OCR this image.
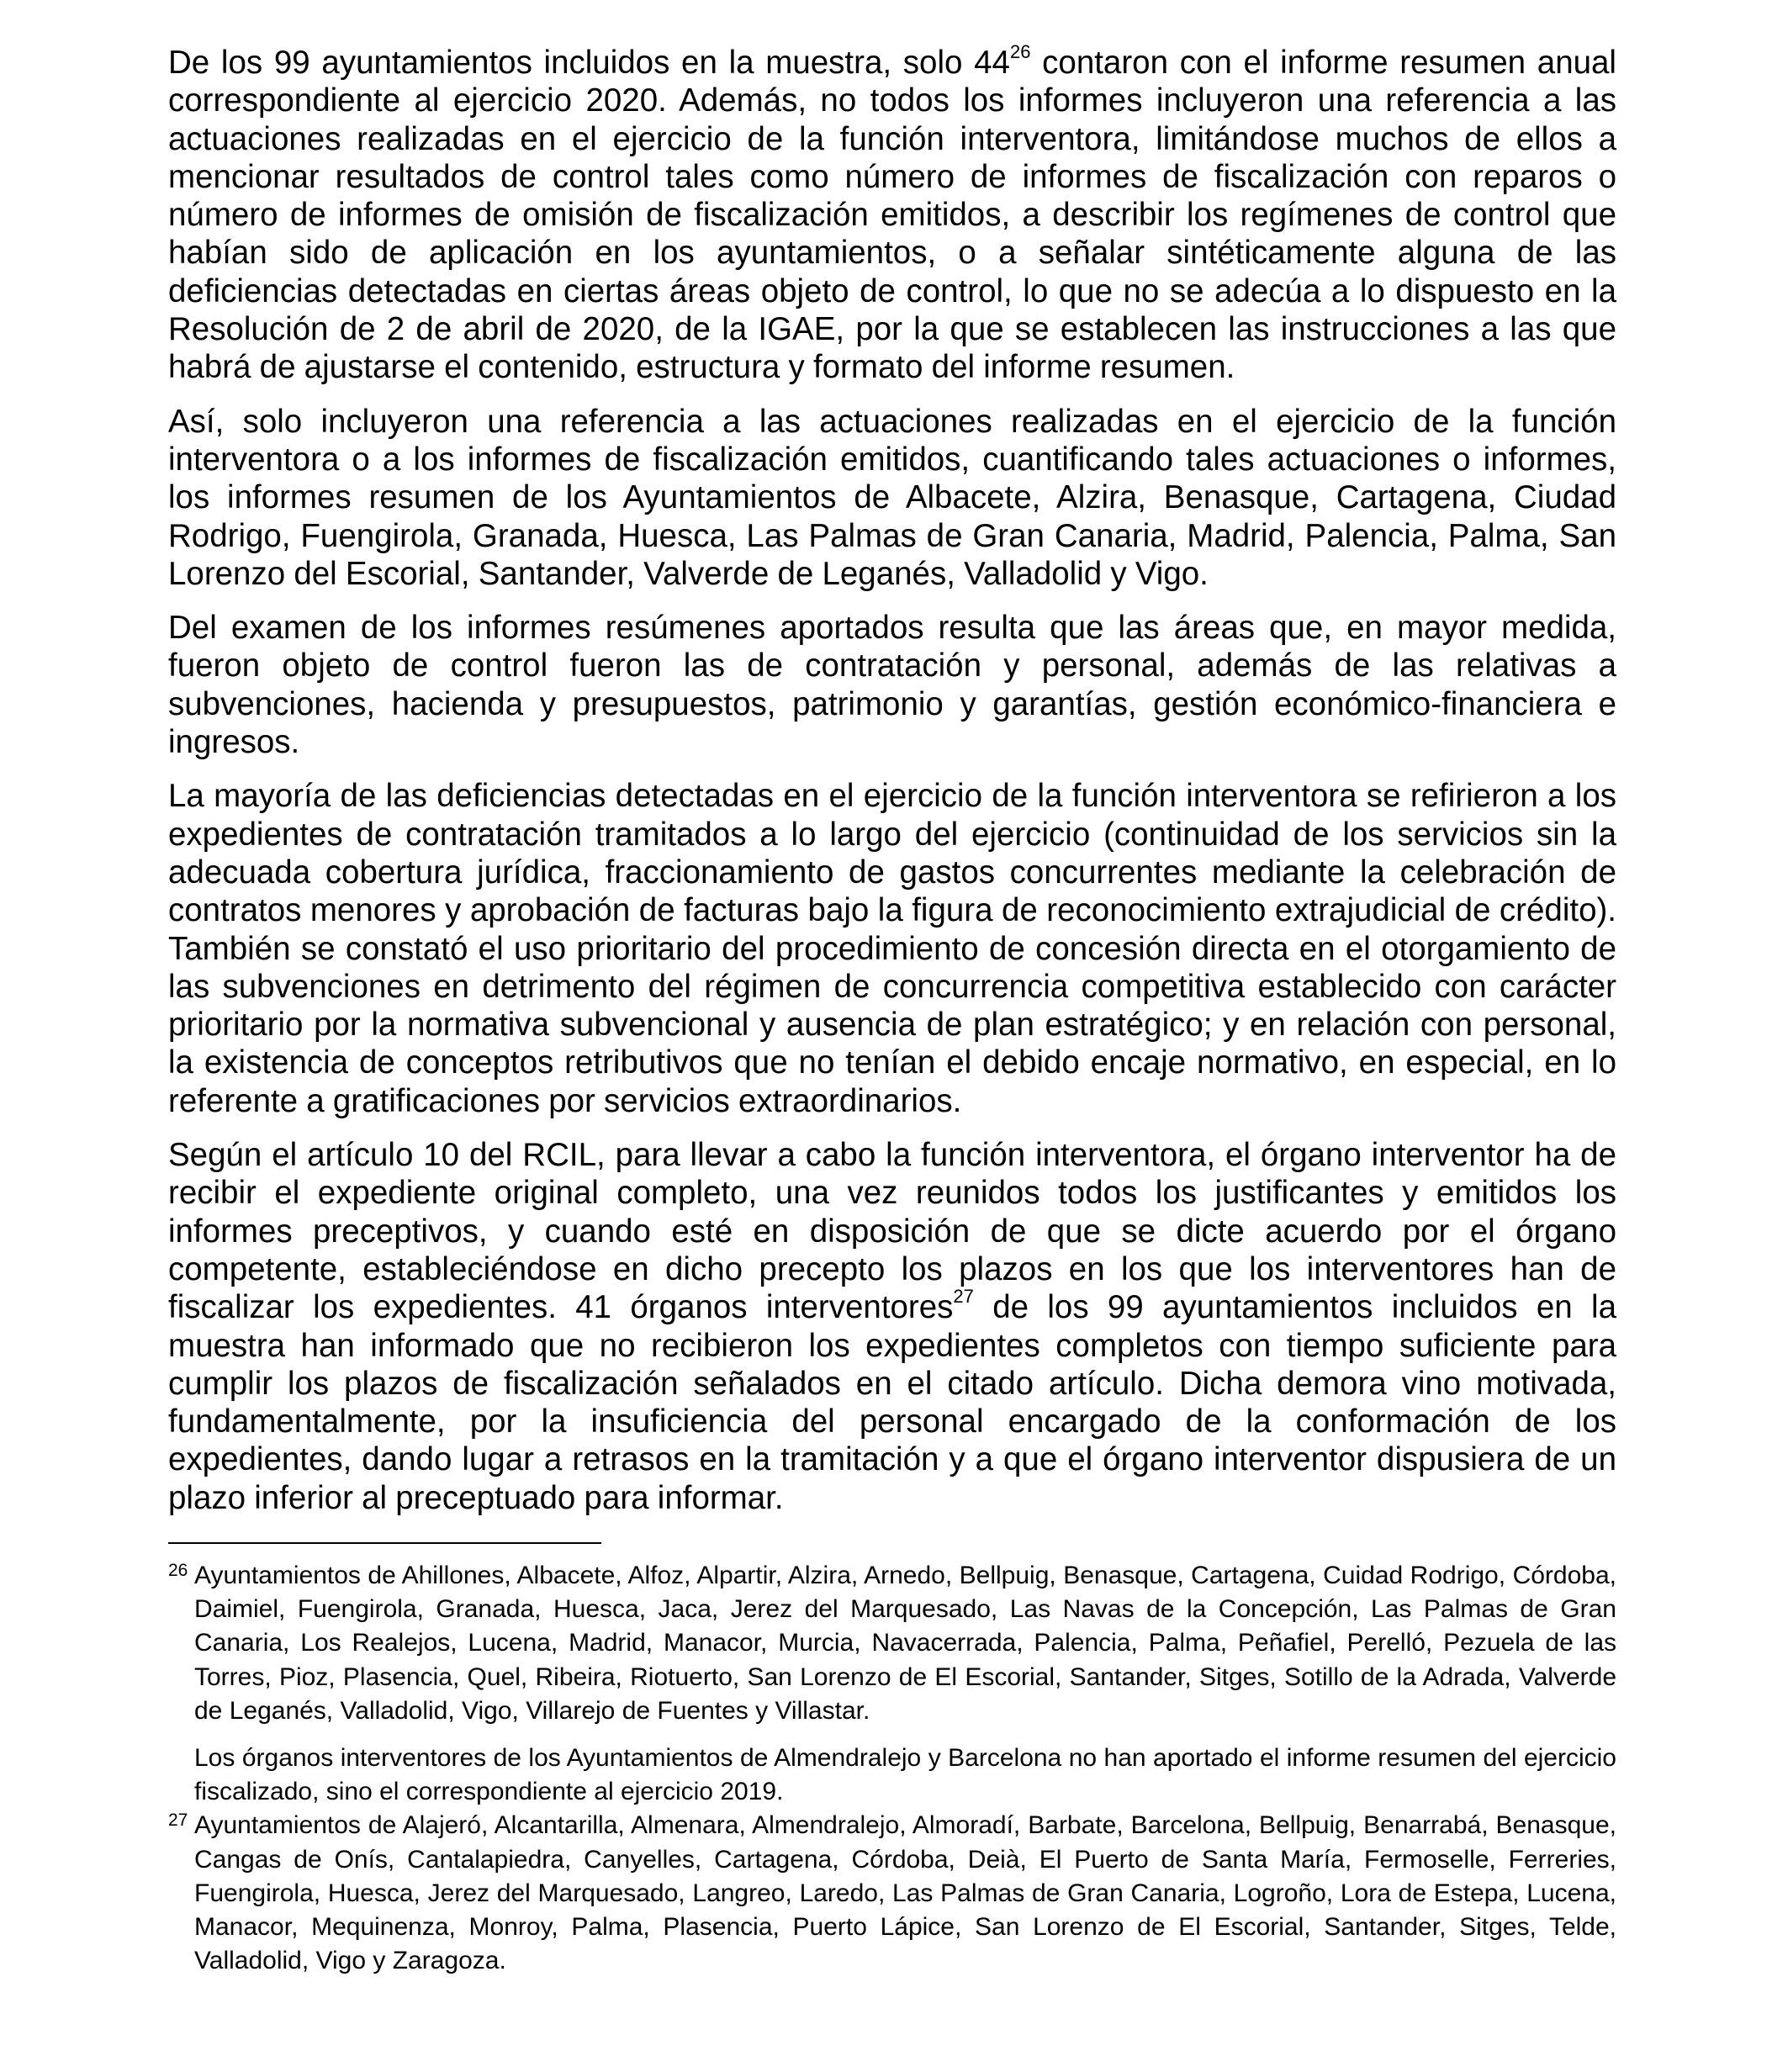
De los 99 ayuntamientos incluidos en la muestra, solo $44^{26}$ contaron con el informe resumen anual correspondiente al ejercicio 2020. Además, no todos los informes incluyeron una referencia a las actuaciones realizadas en el ejercicio de la función interventora, limitándose muchos de ellos a mencionar resultados de control tales como número de informes de fiscalización con reparos o número de informes de omisión de fiscalización emitidos, a describir los regímenes de control que habían sido de aplicación en los ayuntamientos, o a señalar sintéticamente alguna de las deficiencias detectadas en ciertas áreas objeto de control, lo que no se adecúa a lo dispuesto en la Resolución de 2 de abril de 2020, de la IGAE, por la que se establecen las instrucciones a las que habrá de ajustarse el contenido, estructura y formato del informe resumen.

Así, solo incluyeron una referencia a las actuaciones realizadas en el ejercicio de la función interventora o a los informes de fiscalización emitidos, cuantificando tales actuaciones o informes, los informes resumen de los Ayuntamientos de Albacete, Alzira, Benasque, Cartagena, Ciudad Rodrigo, Fuengirola, Granada, Huesca, Las Palmas de Gran Canaria, Madrid, Palencia, Palma, San Lorenzo del Escorial, Santander, Valverde de Leganés, Valladolid y Vigo.

Del examen de los informes resúmenes aportados resulta que las áreas que, en mayor medida, fueron objeto de control fueron las de contratación y personal, además de las relativas a subvenciones, hacienda y presupuestos, patrimonio y garantías, gestión económico-financiera e ingresos.

La mayoría de las deficiencias detectadas en el ejercicio de la función interventora se refirieron a los expedientes de contratación tramitados a lo largo del ejercicio (continuidad de los servicios sin la adecuada cobertura jurídica, fraccionamiento de gastos concurrentes mediante la celebración de contratos menores y aprobación de facturas bajo la figura de reconocimiento extrajudicial de crédito). También se constató el uso prioritario del procedimiento de concesión directa en el otorgamiento de las subvenciones en detrimento del régimen de concurrencia competitiva establecido con carácter prioritario por la normativa subvencional y ausencia de plan estratégico; y en relación con personal, la existencia de conceptos retributivos que no tenían el debido encaje normativo, en especial, en lo referente a gratificaciones por servicios extraordinarios.

Según el artículo 10 del RCIL, para llevar a cabo la función interventora, el órgano interventor ha de recibir el expediente original completo, una vez reunidos todos los justificantes y emitidos los informes preceptivos, y cuando esté en disposición de que se dicte acuerdo por el órgano competente, estableciéndose en dicho precepto los plazos en los que los interventores han de fiscalizar los expedientes. 41 órganos interventores$^{27}$ de los 99 ayuntamientos incluidos en la muestra han informado que no recibieron los expedientes completos con tiempo suficiente para cumplir los plazos de fiscalización señalados en el citado artículo. Dicha demora vino motivada, fundamentalmente, por la insuficiencia del personal encargado de la conformación de los expedientes, dando lugar a retrasos en la tramitación y a que el órgano interventor dispusiera de un plazo inferior al preceptuado para informar.

26 Ayuntamientos de Ahillones, Albacete, Alfoz, Alpartir, Alzira, Arnedo, Bellpuig, Benasque, Cartagena, Cuidad Rodrigo, Córdoba, Daimiel, Fuengirola, Granada, Huesca, Jaca, Jerez del Marquesado, Las Navas de la Concepción, Las Palmas de Gran Canaria, Los Realejos, Lucena, Madrid, Manacor, Murcia, Navacerrada, Palencia, Palma, Peñafiel, Perelló, Pezuela de las Torres, Pioz, Plasencia, Quel, Ribeira, Riotuerto, San Lorenzo de El Escorial, Santander, Sitges, Sotillo de la Adrada, Valverde de Leganés, Valladolid, Vigo, Villarejo de Fuentes y Villastar.

Los órganos interventores de los Ayuntamientos de Almendralejo y Barcelona no han aportado el informe resumen del ejercicio fiscalizado, sino el correspondiente al ejercicio 2019.

27 Ayuntamientos de Alajeró, Alcantarilla, Almenara, Almendralejo, Almoradí, Barbate, Barcelona, Bellpuig, Benarrabá, Benasque, Cangas de Onís, Cantalapiedra, Canyelles, Cartagena, Córdoba, Deià, El Puerto de Santa María, Fermoselle, Ferreries, Fuengirola, Huesca, Jerez del Marquesado, Langreo, Laredo, Las Palmas de Gran Canaria, Logroño, Lora de Estepa, Lucena, Manacor, Mequinenza, Monroy, Palma, Plasencia, Puerto Lápice, San Lorenzo de El Escorial, Santander, Sitges, Telde, Valladolid, Vigo y Zaragoza.
